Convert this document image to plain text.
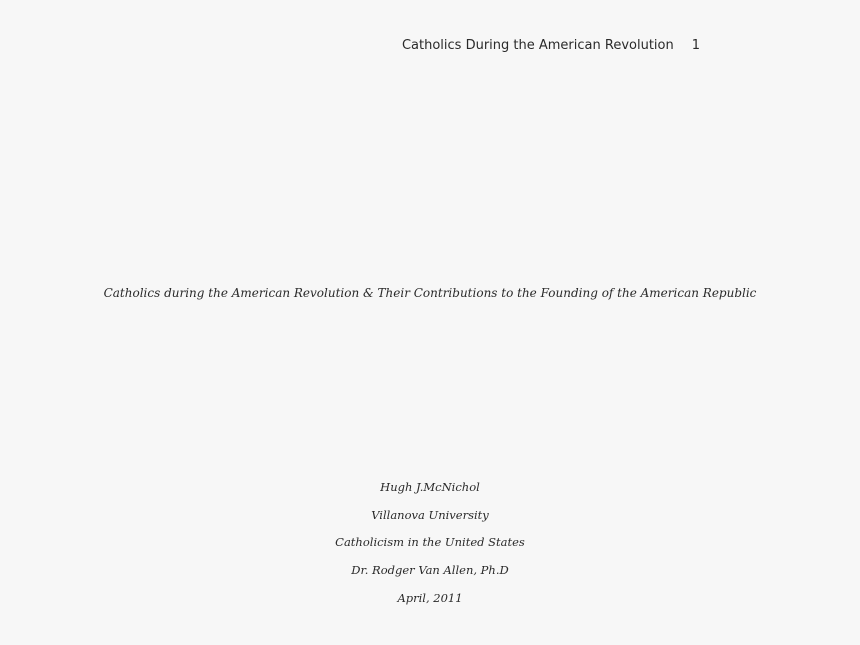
Catholics During the American Revolution 1
Catholics during the American Revolution & Their Contributions to the Founding of the American Republic
Hugh J.McNichol
Villanova University
Catholicism in the United States
Dr. Rodger Van Allen, Ph.D
April, 2011
